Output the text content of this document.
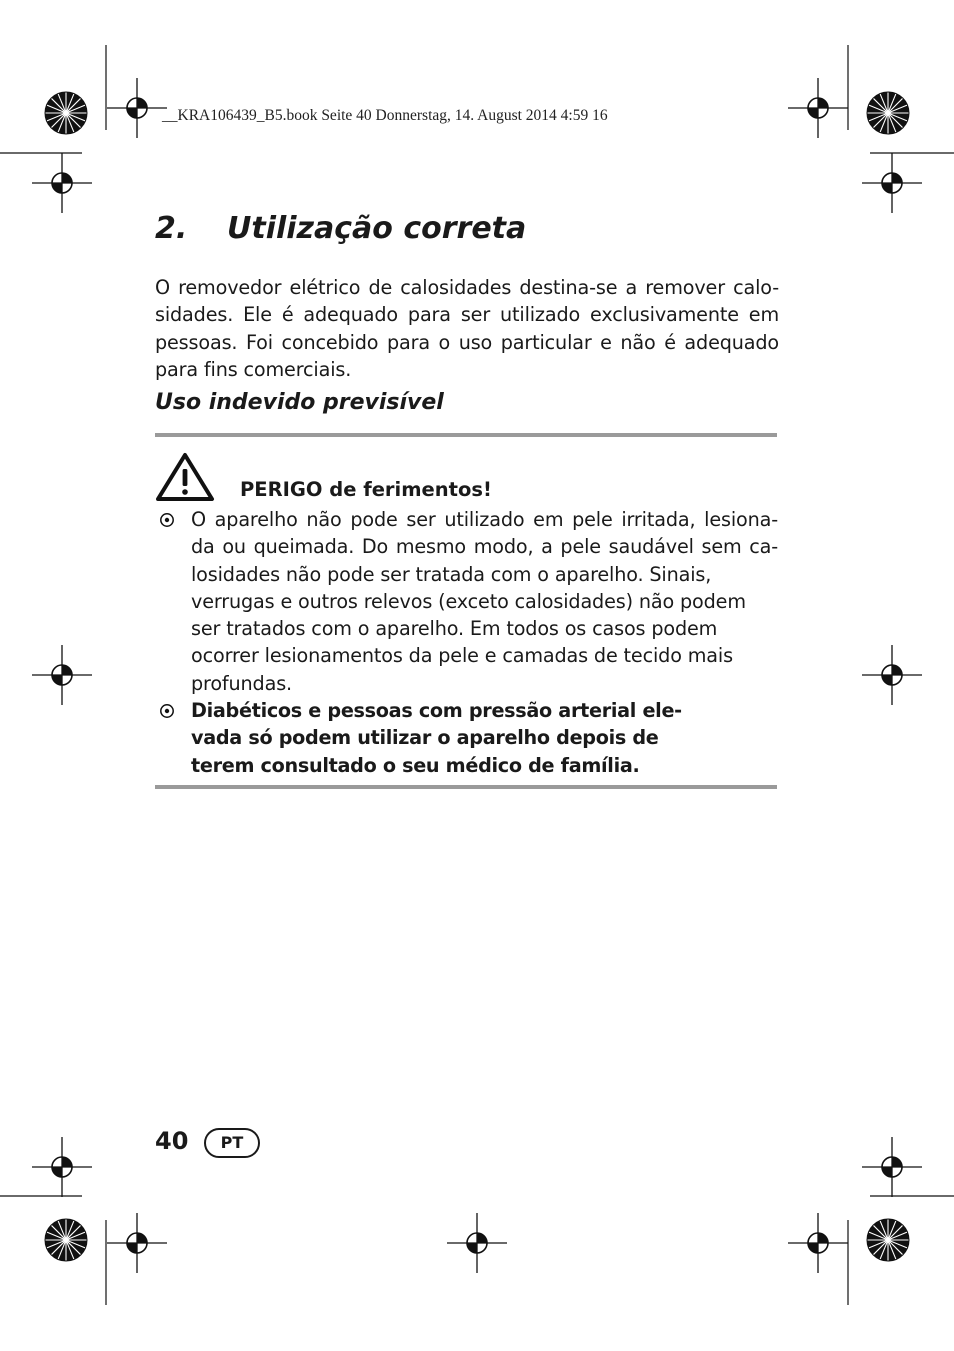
__KRA106439_B5.book Seite 40 Donnerstag, 14. August 2014 4:59 16
2. Utilização correta
O removedor elétrico de calosidades destina-se a remover calo-
sidades. Ele é adequado para ser utilizado exclusivamente em
pessoas. Foi concebido para o uso particular e não é adequado
para fins comerciais.
Uso indevido previsível
PERIGO de ferimentos!
O aparelho não pode ser utilizado em pele irritada, lesiona-
da ou queimada. Do mesmo modo, a pele saudável sem ca-
losidades não pode ser tratada com o aparelho. Sinais,
verrugas e outros relevos (exceto calosidades) não podem
ser tratados com o aparelho. Em todos os casos podem
ocorrer lesionamentos da pele e camadas de tecido mais
profundas.
Diabéticos e pessoas com pressão arterial ele-
vada só podem utilizar o aparelho depois de
terem consultado o seu médico de família.
40	PT
